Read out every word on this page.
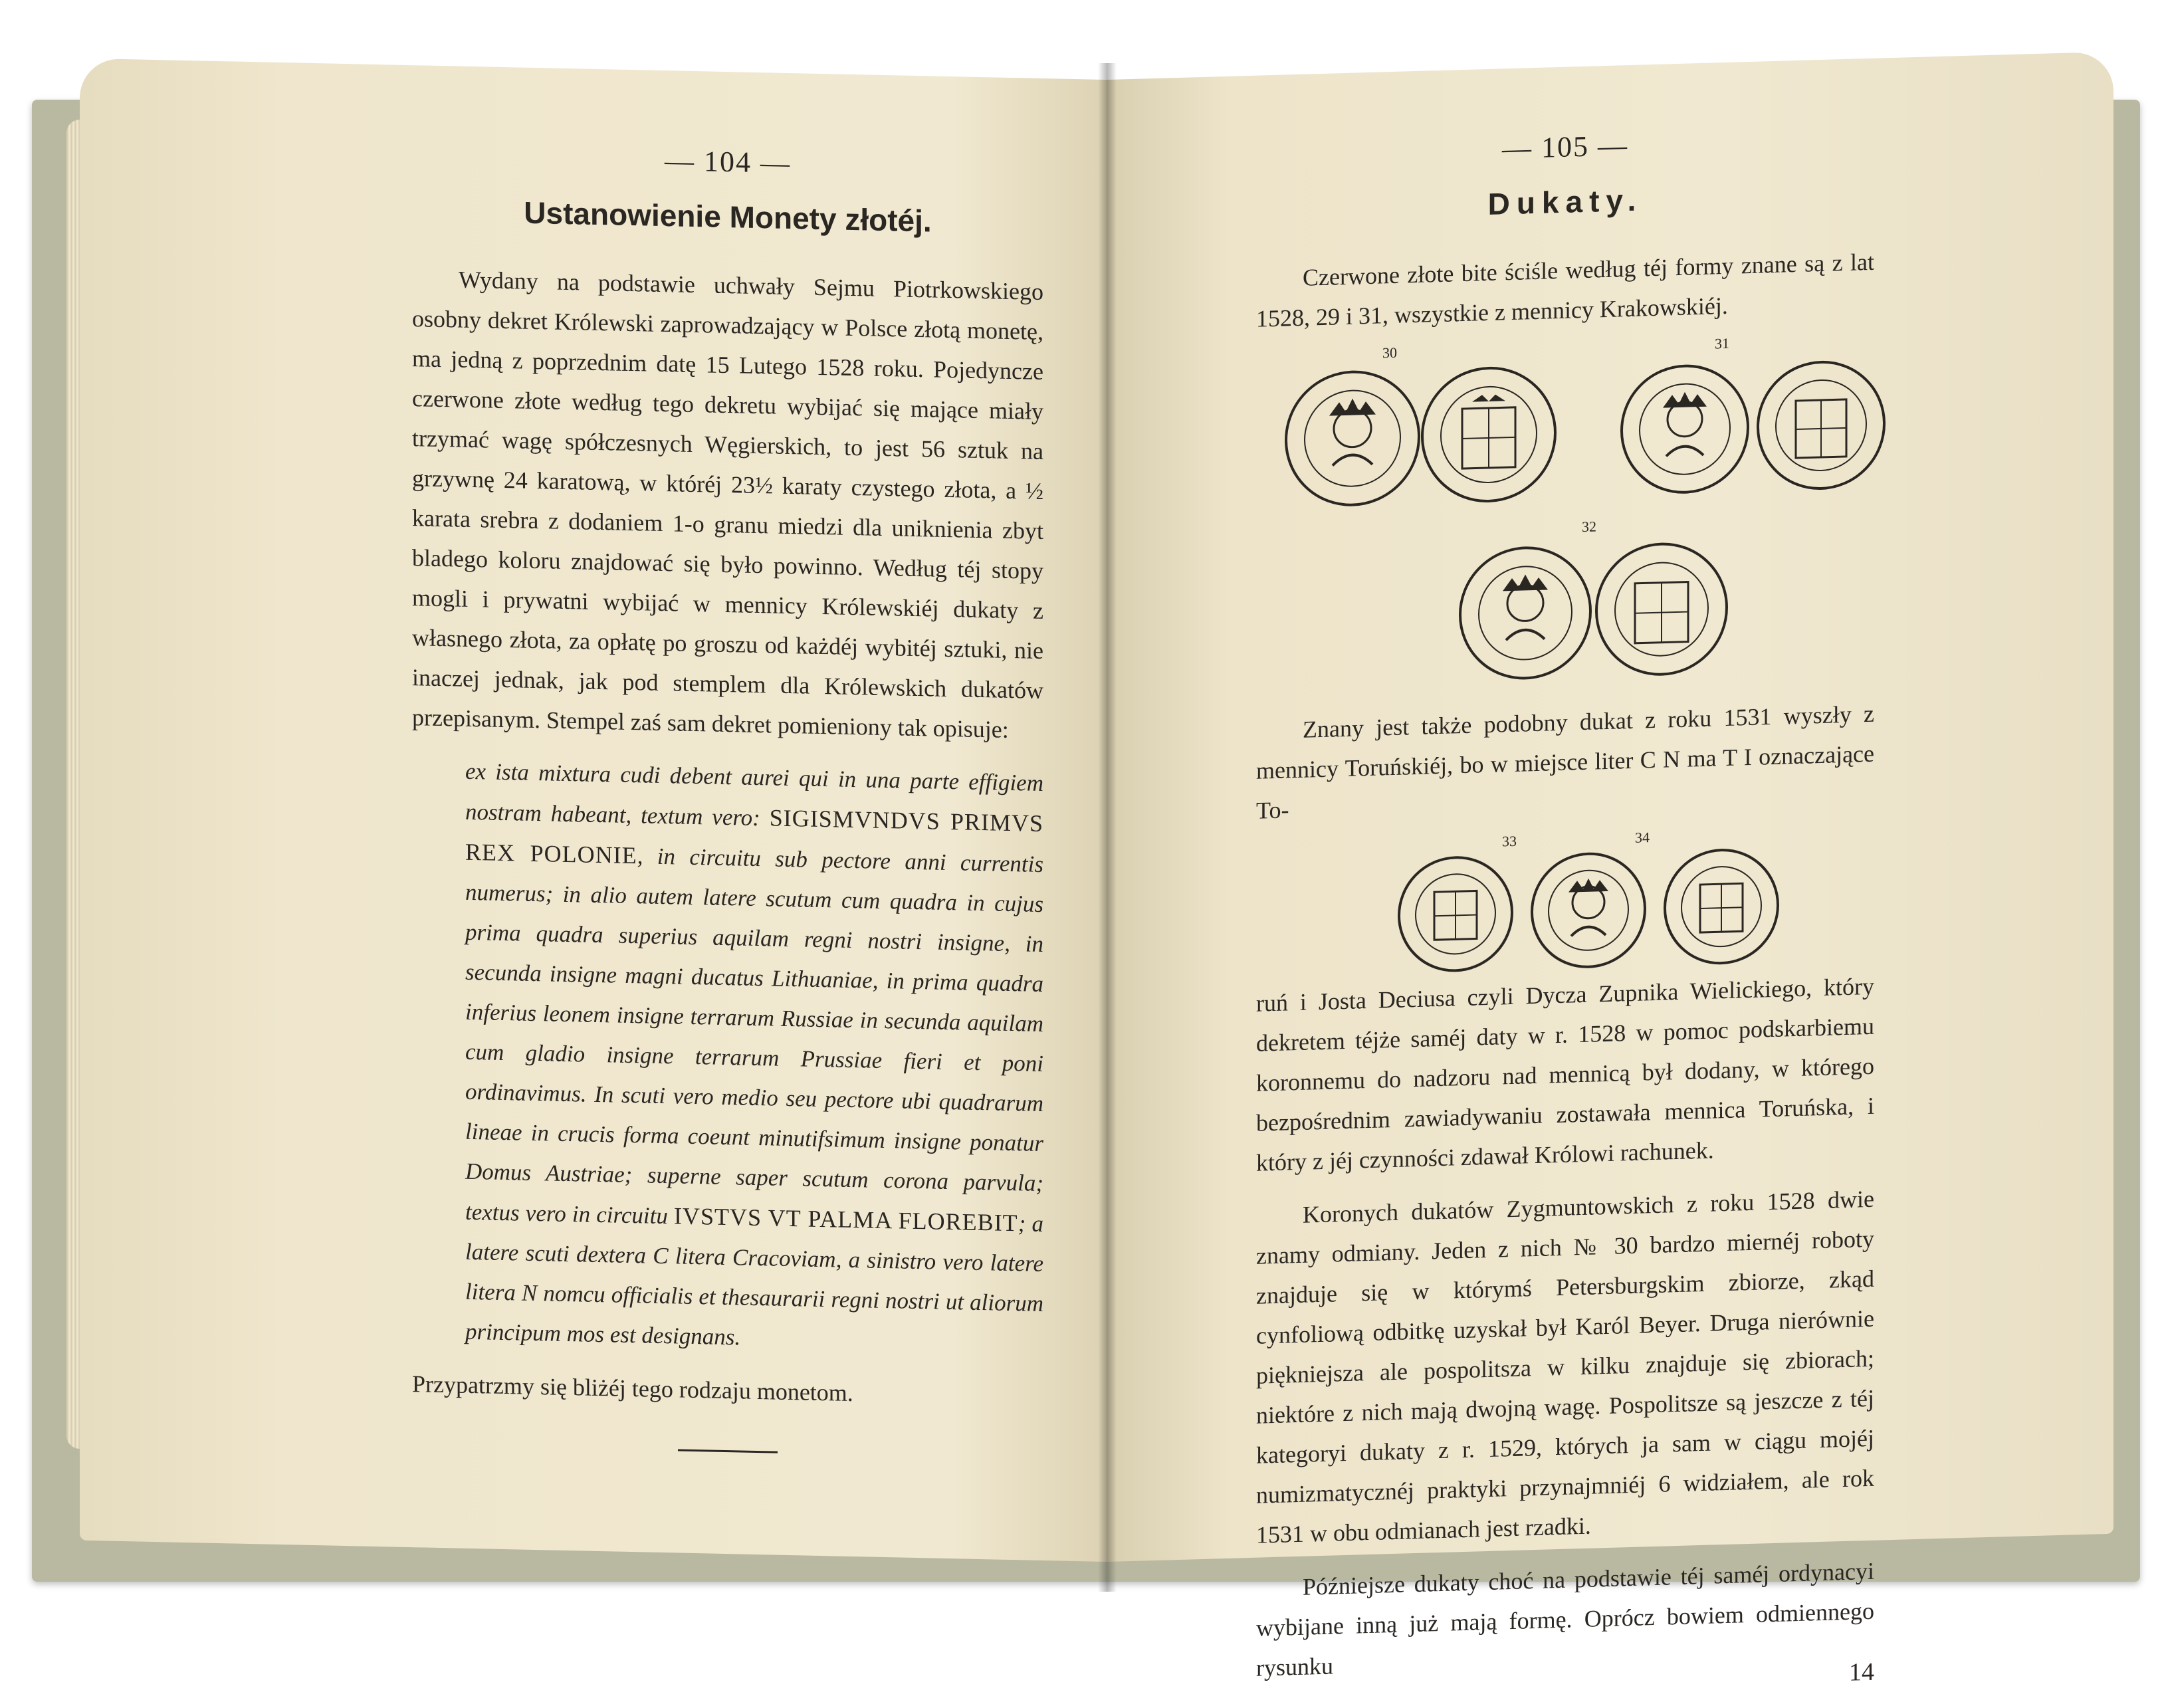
— 104 —
Ustanowienie Monety złotéj.

Wydany na podstawie uchwały Sejmu Piotrkowskiego osobny dekret Królewski zaprowadzający w Polsce złotą monetę, ma jedną z poprzednim datę 15 Lutego 1528 roku. Pojedyncze czerwone złote według tego dekretu wybijać się mające miały trzymać wagę spółczesnych Węgierskich, to jest 56 sztuk na grzywnę 24 karatową, w któréj 23½ karaty czystego złota, a ½ karata srebra z dodaniem 1-o granu miedzi dla uniknienia zbyt bladego koloru znajdować się było powinno. Według téj stopy mogli i prywatni wybijać w mennicy Królewskiéj dukaty z własnego złota, za opłatę po groszu od każdéj wybitéj sztuki, nie inaczej jednak, jak pod stemplem dla Królewskich dukatów przepisanym. Stempel zaś sam dekret pomieniony tak opisuje:

ex ista mixtura cudi debent aurei qui in una parte effigiem nostram habeant, textum vero: SIGISMVNDVS PRIMVS REX POLONIE, in circuitu sub pectore anni currentis numerus; in alio autem latere scutum cum quadra in cujus prima quadra superius aquilam regni nostri insigne, in secunda insigne magni ducatus Lithuaniae, in prima quadra inferius leonem insigne terrarum Russiae in secunda aquilam cum gladio insigne terrarum Prussiae fieri et poni ordinavimus. In scuti vero medio seu pectore ubi quadrarum lineae in crucis forma coeunt minutifsimum insigne ponatur Domus Austriae; superne saper scutum corona parvula; textus vero in circuitu IVSTVS VT PALMA FLOREBIT; a latere scuti dextera C litera Cracoviam, a sinistro vero latere litera N nomcu officialis et thesaurarii regni nostri ut aliorum principum mos est designans.

Przypatrzmy się bliżéj tego rodzaju monetom.

— 105 —
Dukaty.

Czerwone złote bite ściśle według téj formy znane są z lat 1528, 29 i 31, wszystkie z mennicy Krakowskiéj.

30
31
32

Znany jest także podobny dukat z roku 1531 wyszły z mennicy Toruńskiéj, bo w miejsce liter C N ma T I oznaczające To-

33	34

ruń i Josta Deciusa czyli Dycza Zupnika Wielickiego, który dekretem téjże saméj daty w r. 1528 w pomoc podskarbiemu koronnemu do nadzoru nad mennicą był dodany, w którego bezpośrednim zawiadywaniu zostawała mennica Toruńska, i który z jéj czynności zdawał Królowi rachunek.

Koronych dukatów Zygmuntowskich z roku 1528 dwie znamy odmiany. Jeden z nich № 30 bardzo miernéj roboty znajduje się w którymś Petersburgskim zbiorze, zkąd cynfoliową odbitkę uzyskał był Karól Beyer. Druga nierównie piękniejsza ale pospolitsza w kilku znajduje się zbiorach; niektóre z nich mają dwojną wagę. Pospolitsze są jeszcze z téj kategoryi dukaty z r. 1529, których ja sam w ciągu mojéj numizmatycznéj praktyki przynajmniéj 6 widziałem, ale rok 1531 w obu odmianach jest rzadki.

Późniejsze dukaty choć na podstawie téj saméj ordynacyi wybijane inną już mają formę. Oprócz bowiem odmiennego rysunku	14
